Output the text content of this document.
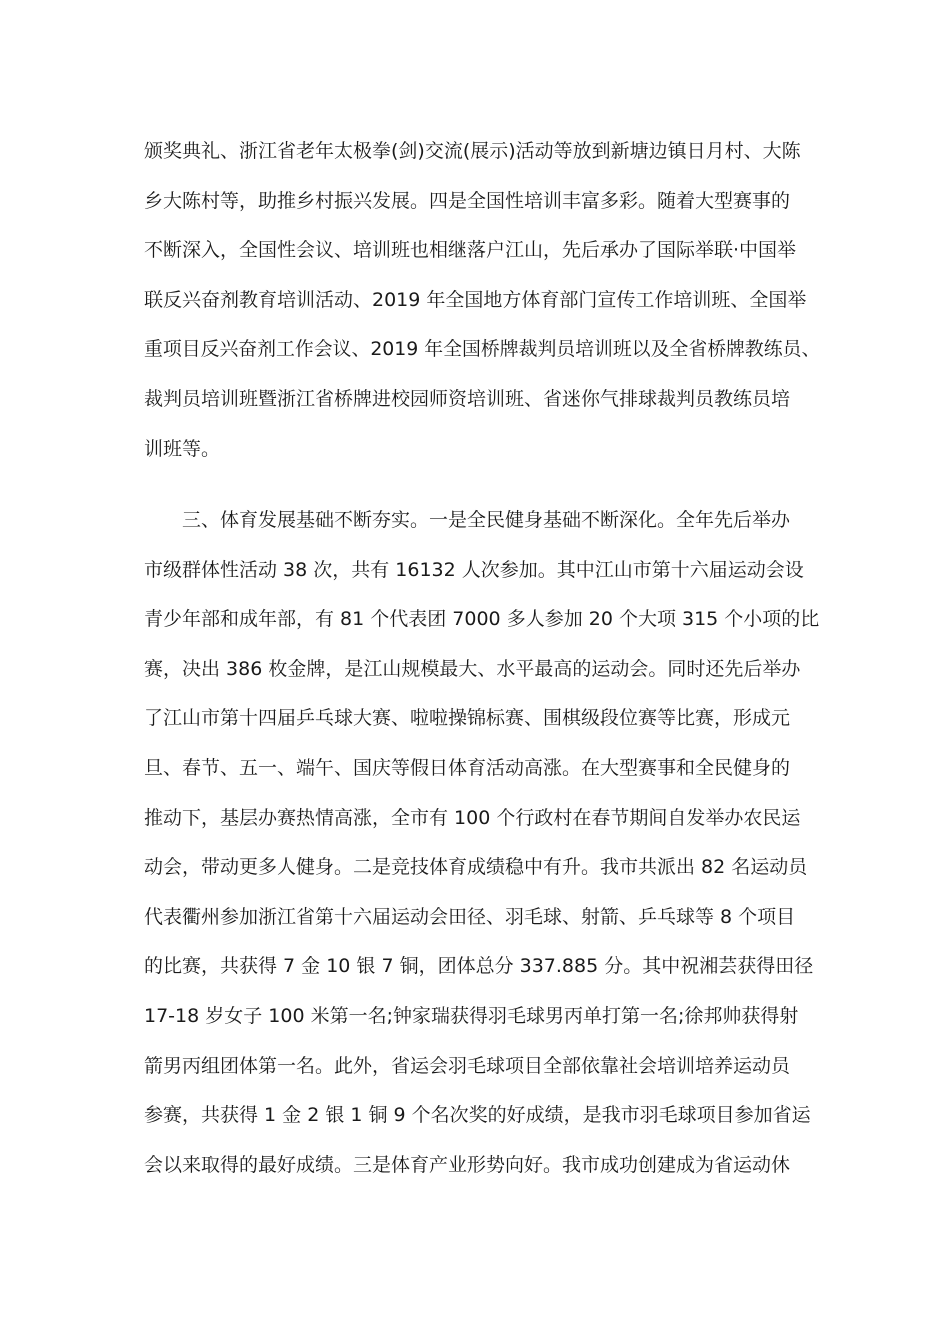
颁奖典礼、浙江省老年太极拳(剑)交流(展示)活动等放到新塘边镇日月村、大陈
乡大陈村等，助推乡村振兴发展。四是全国性培训丰富多彩。随着大型赛事的
不断深入，全国性会议、培训班也相继落户江山，先后承办了国际举联·中国举
联反兴奋剂教育培训活动、2019 年全国地方体育部门宣传工作培训班、全国举
重项目反兴奋剂工作会议、2019 年全国桥牌裁判员培训班以及全省桥牌教练员、
裁判员培训班暨浙江省桥牌进校园师资培训班、省迷你气排球裁判员教练员培
训班等。
　　三、体育发展基础不断夯实。一是全民健身基础不断深化。全年先后举办
市级群体性活动 38 次，共有 16132 人次参加。其中江山市第十六届运动会设
青少年部和成年部，有 81 个代表团 7000 多人参加 20 个大项 315 个小项的比
赛，决出 386 枚金牌，是江山规模最大、水平最高的运动会。同时还先后举办
了江山市第十四届乒乓球大赛、啦啦操锦标赛、围棋级段位赛等比赛，形成元
旦、春节、五一、端午、国庆等假日体育活动高涨。在大型赛事和全民健身的
推动下，基层办赛热情高涨，全市有 100 个行政村在春节期间自发举办农民运
动会，带动更多人健身。二是竞技体育成绩稳中有升。我市共派出 82 名运动员
代表衢州参加浙江省第十六届运动会田径、羽毛球、射箭、乒乓球等 8 个项目
的比赛，共获得 7 金 10 银 7 铜，团体总分 337.885 分。其中祝湘芸获得田径
17-18 岁女子 100 米第一名;钟家瑞获得羽毛球男丙单打第一名;徐邦帅获得射
箭男丙组团体第一名。此外，省运会羽毛球项目全部依靠社会培训培养运动员
参赛，共获得 1 金 2 银 1 铜 9 个名次奖的好成绩，是我市羽毛球项目参加省运
会以来取得的最好成绩。三是体育产业形势向好。我市成功创建成为省运动休
